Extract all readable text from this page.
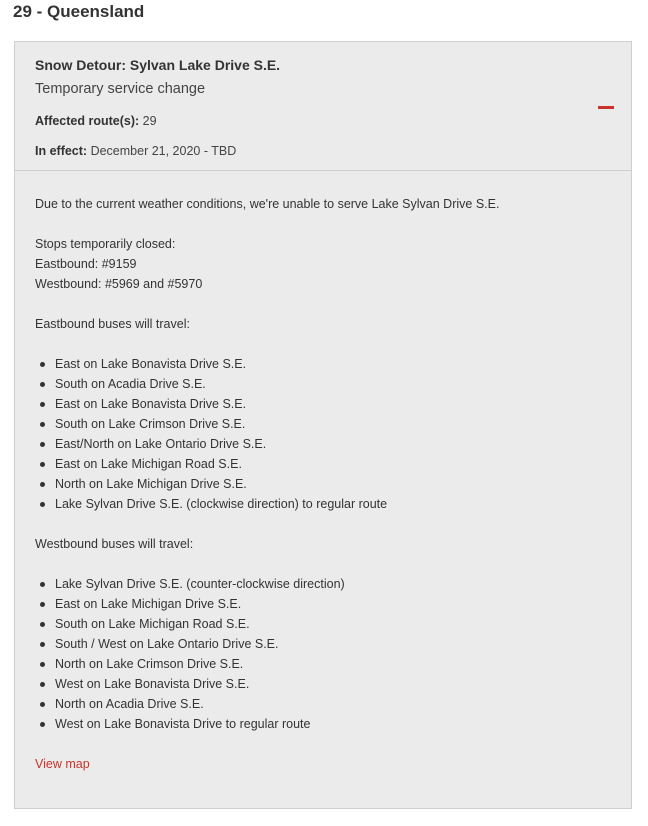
29 - Queensland
Snow Detour: Sylvan Lake Drive S.E.
Temporary service change
Affected route(s): 29
In effect: December 21, 2020 - TBD

Due to the current weather conditions, we're unable to serve Lake Sylvan Drive S.E.

Stops temporarily closed:

Eastbound: #9159

Westbound: #5969 and #5970

Eastbound buses will travel:

East on Lake Bonavista Drive S.E.
South on Acadia Drive S.E.
East on Lake Bonavista Drive S.E.
South on Lake Crimson Drive S.E.
East/North on Lake Ontario Drive S.E.
East on Lake Michigan Road S.E.
North on Lake Michigan Drive S.E.
Lake Sylvan Drive S.E. (clockwise direction) to regular route

Westbound buses will travel:

Lake Sylvan Drive S.E. (counter-clockwise direction)
East on Lake Michigan Drive S.E.
South on Lake Michigan Road S.E.
South / West on Lake Ontario Drive S.E.
North on Lake Crimson Drive S.E.
West on Lake Bonavista Drive S.E.
North on Acadia Drive S.E.
West on Lake Bonavista Drive to regular route

View map
